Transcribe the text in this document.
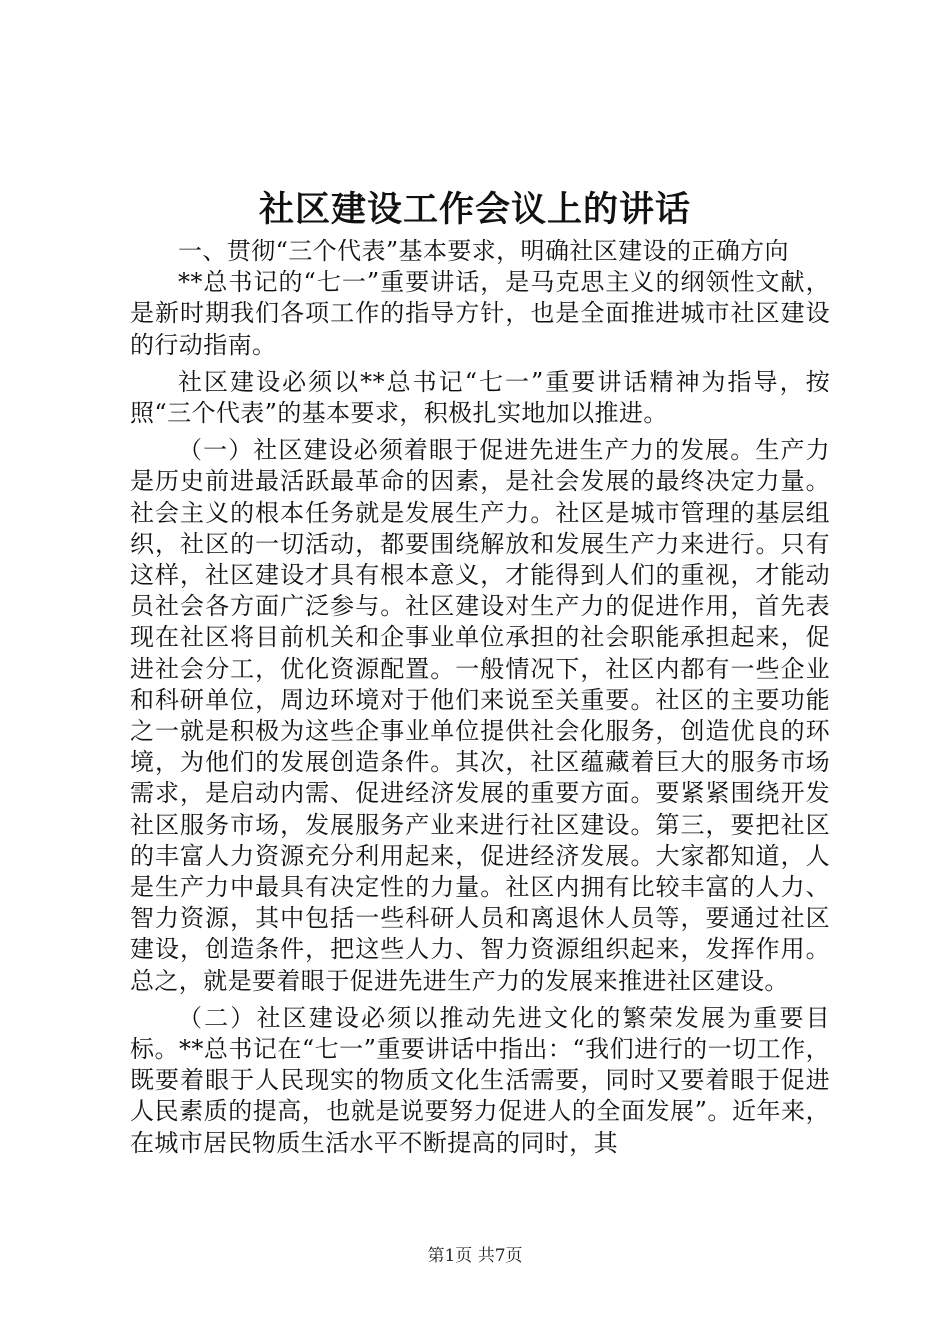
社区建设工作会议上的讲话

一、贯彻“三个代表”基本要求，明确社区建设的正确方向

**总书记的“七一”重要讲话，是马克思主义的纲领性文献，是新时期我们各项工作的指导方针，也是全面推进城市社区建设的行动指南。

社区建设必须以**总书记“七一”重要讲话精神为指导，按照“三个代表”的基本要求，积极扎实地加以推进。

（一）社区建设必须着眼于促进先进生产力的发展。生产力是历史前进最活跃最革命的因素，是社会发展的最终决定力量。社会主义的根本任务就是发展生产力。社区是城市管理的基层组织，社区的一切活动，都要围绕解放和发展生产力来进行。只有这样，社区建设才具有根本意义，才能得到人们的重视，才能动员社会各方面广泛参与。社区建设对生产力的促进作用，首先表现在社区将目前机关和企事业单位承担的社会职能承担起来，促进社会分工，优化资源配置。一般情况下，社区内都有一些企业和科研单位，周边环境对于他们来说至关重要。社区的主要功能之一就是积极为这些企事业单位提供社会化服务，创造优良的环境，为他们的发展创造条件。其次，社区蕴藏着巨大的服务市场需求，是启动内需、促进经济发展的重要方面。要紧紧围绕开发社区服务市场，发展服务产业来进行社区建设。第三，要把社区的丰富人力资源充分利用起来，促进经济发展。大家都知道，人是生产力中最具有决定性的力量。社区内拥有比较丰富的人力、智力资源，其中包括一些科研人员和离退休人员等，要通过社区建设，创造条件，把这些人力、智力资源组织起来，发挥作用。总之，就是要着眼于促进先进生产力的发展来推进社区建设。

（二）社区建设必须以推动先进文化的繁荣发展为重要目标。**总书记在“七一”重要讲话中指出：“我们进行的一切工作，既要着眼于人民现实的物质文化生活需要，同时又要着眼于促进人民素质的提高，也就是说要努力促进人的全面发展”。近年来，在城市居民物质生活水平不断提高的同时，其

第1页 共7页
